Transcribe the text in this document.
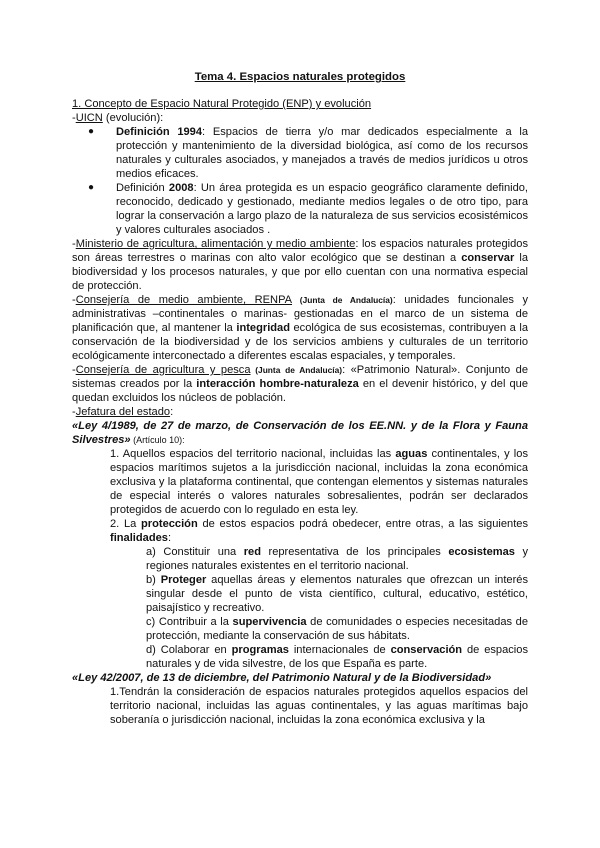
Tema 4. Espacios naturales protegidos

1. Concepto de Espacio Natural Protegido (ENP) y evolución

-UICN (evolución):

● Definición 1994: Espacios de tierra y/o mar dedicados especialmente a la protección y mantenimiento de la diversidad biológica, así como de los recursos naturales y culturales asociados, y manejados a través de medios jurídicos u otros medios eficaces.
● Definición 2008: Un área protegida es un espacio geográfico claramente definido, reconocido, dedicado y gestionado, mediante medios legales o de otro tipo, para lograr la conservación a largo plazo de la naturaleza de sus servicios ecosistémicos y valores culturales asociados .

-Ministerio de agricultura, alimentación y medio ambiente: los espacios naturales protegidos son áreas terrestres o marinas con alto valor ecológico que se destinan a conservar la biodiversidad y los procesos naturales, y que por ello cuentan con una normativa especial de protección.

-Consejería de medio ambiente, RENPA (Junta de Andalucía): unidades funcionales y administrativas –continentales o marinas- gestionadas en el marco de un sistema de planificación que, al mantener la integridad ecológica de sus ecosistemas, contribuyen a la conservación de la biodiversidad y de los servicios ambiens y culturales de un territorio ecológicamente interconectado a diferentes escalas espaciales, y temporales.

-Consejería de agricultura y pesca (Junta de Andalucía): «Patrimonio Natural». Conjunto de sistemas creados por la interacción hombre-naturaleza en el devenir histórico, y del que quedan excluidos los núcleos de población.

-Jefatura del estado:

«Ley 4/1989, de 27 de marzo, de Conservación de los EE.NN. y de la Flora y Fauna Silvestres» (Artículo 10):

1. Aquellos espacios del territorio nacional, incluidas las aguas continentales, y los espacios marítimos sujetos a la jurisdicción nacional, incluidas la zona económica exclusiva y la plataforma continental, que contengan elementos y sistemas naturales de especial interés o valores naturales sobresalientes, podrán ser declarados protegidos de acuerdo con lo regulado en esta ley.

2. La protección de estos espacios podrá obedecer, entre otras, a las siguientes finalidades:

a) Constituir una red representativa de los principales ecosistemas y regiones naturales existentes en el territorio nacional.

b) Proteger aquellas áreas y elementos naturales que ofrezcan un interés singular desde el punto de vista científico, cultural, educativo, estético, paisajístico y recreativo.

c) Contribuir a la supervivencia de comunidades o especies necesitadas de protección, mediante la conservación de sus hábitats.

d) Colaborar en programas internacionales de conservación de espacios naturales y de vida silvestre, de los que España es parte.

«Ley 42/2007, de 13 de diciembre, del Patrimonio Natural y de la Biodiversidad»

1.Tendrán la consideración de espacios naturales protegidos aquellos espacios del territorio nacional, incluidas las aguas continentales, y las aguas marítimas bajo soberanía o jurisdicción nacional, incluidas la zona económica exclusiva y la
